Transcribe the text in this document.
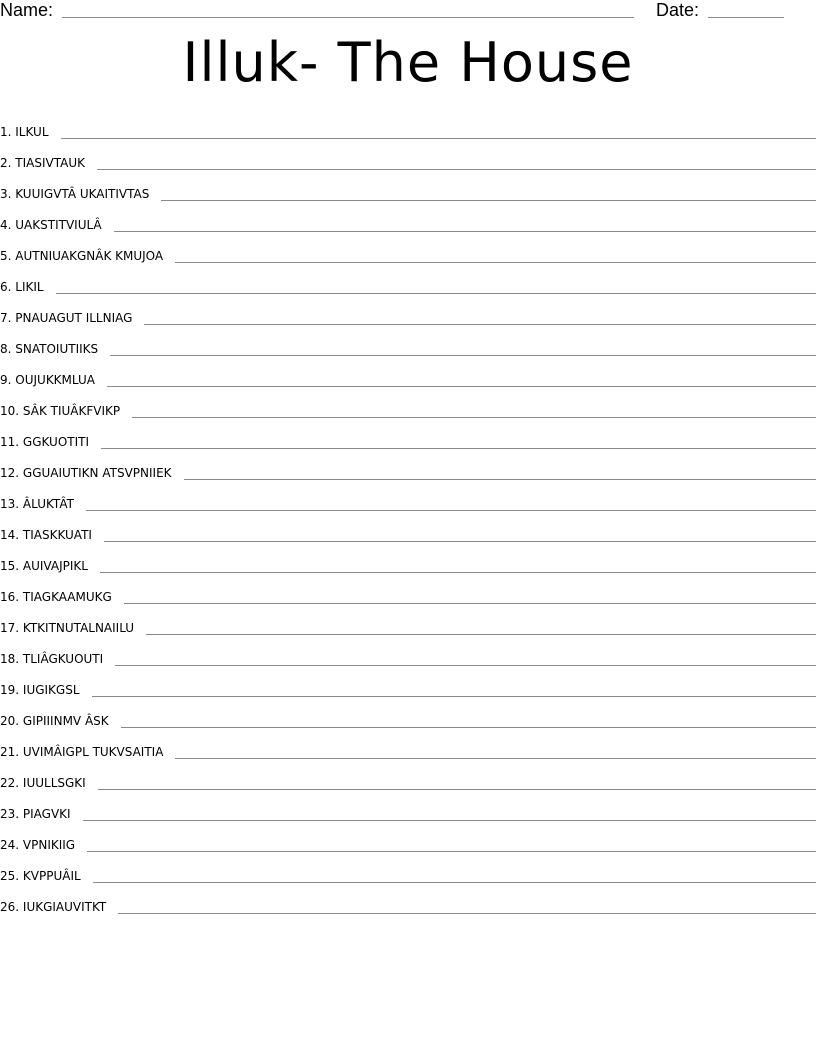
Name:	Date:
Illuk- The House
1. ILKUL
2. TIASIVTAUK
3. KUUIGVTÂ UKAITIVTAS
4. UAKSTITVIULÂ
5. AUTNIUAKGNÂK KMUJOA
6. LIKIL
7. PNAUAGUT ILLNIAG
8. SNATOIUTIIKS
9. OUJUKKMLUA
10. SÂK TIUÂKFVIKP
11. GGKUOTITI
12. GGUAIUTIKN ATSVPNIIEK
13. ÂLUKTÂT
14. TIASKKUATI
15. AUIVAJPIKL
16. TIAGKAAMUKG
17. KTKITNUTALNAIILU
18. TLIÂGKUOUTI
19. IUGIKGSL
20. GIPIIINMV ÂSK
21. UVIMÂIGPL TUKVSAITIA
22. IUULLSGKI
23. PIAGVKI
24. VPNIKIIG
25. KVPPUÂIL
26. IUKGIAUVITKT
